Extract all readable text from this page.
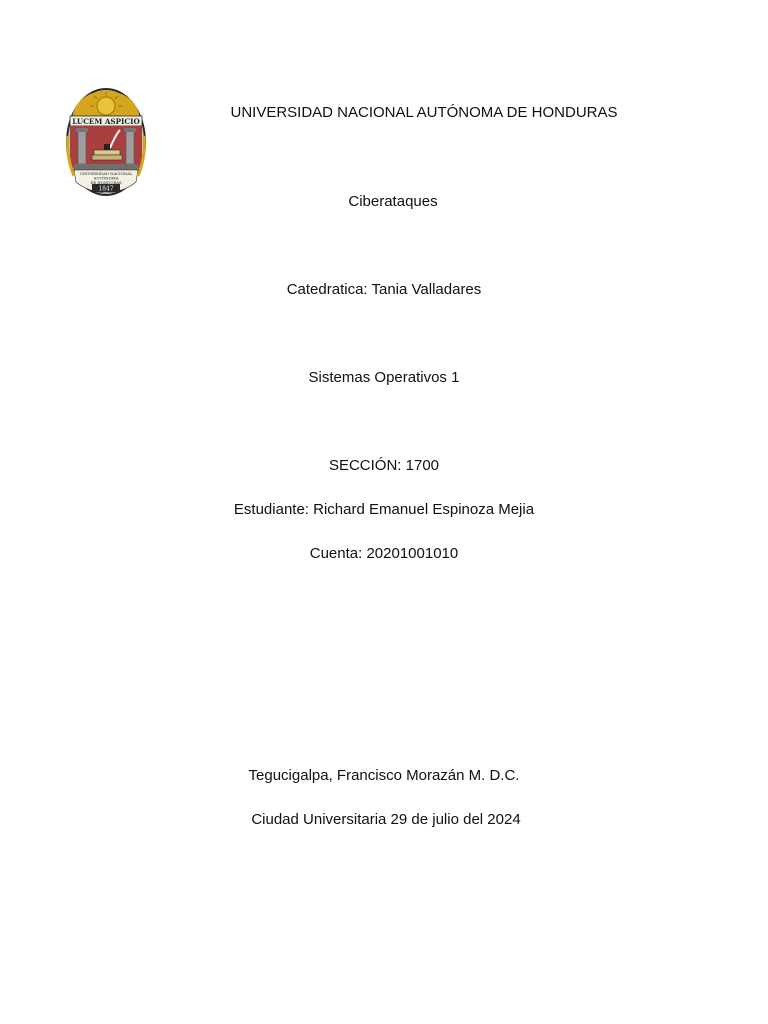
LUCEM ASPICIO
UNIVERSIDAD NACIONAL
AUTÓNOMA
DE HONDURAS
1847
UNIVERSIDAD NACIONAL AUTÓNOMA DE HONDURAS
Ciberataques
Catedratica: Tania Valladares
Sistemas Operativos 1
SECCIÓN: 1700
Estudiante: Richard Emanuel Espinoza Mejia
Cuenta: 20201001010
Tegucigalpa, Francisco Morazán M. D.C.
Ciudad Universitaria 29 de julio del 2024
